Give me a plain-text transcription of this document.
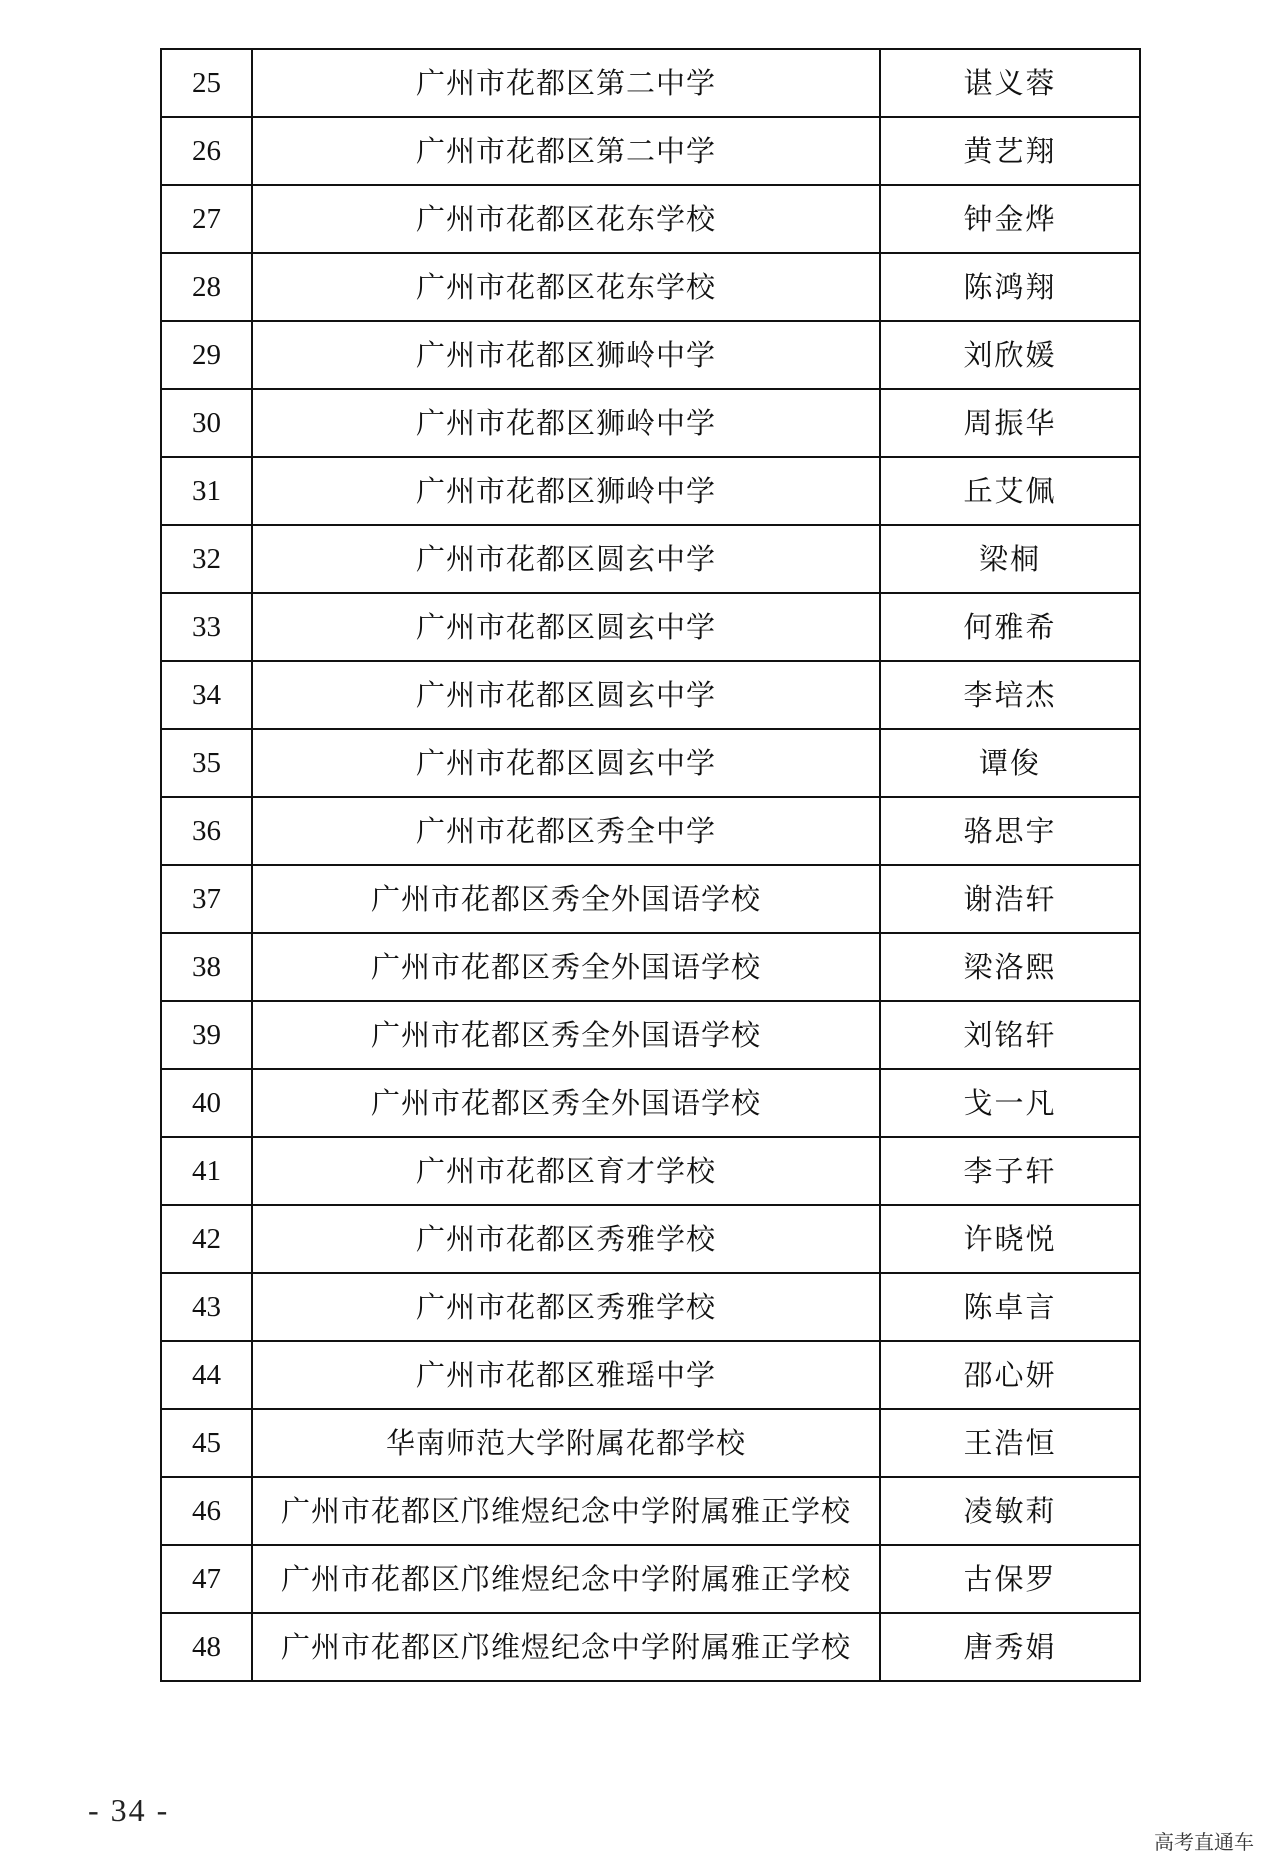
25	广州市花都区第二中学	谌义蓉
26	广州市花都区第二中学	黄艺翔
27	广州市花都区花东学校	钟金烨
28	广州市花都区花东学校	陈鸿翔
29	广州市花都区狮岭中学	刘欣媛
30	广州市花都区狮岭中学	周振华
31	广州市花都区狮岭中学	丘艾佩
32	广州市花都区圆玄中学	梁桐
33	广州市花都区圆玄中学	何雅希
34	广州市花都区圆玄中学	李培杰
35	广州市花都区圆玄中学	谭俊
36	广州市花都区秀全中学	骆思宇
37	广州市花都区秀全外国语学校	谢浩轩
38	广州市花都区秀全外国语学校	梁洛熙
39	广州市花都区秀全外国语学校	刘铭轩
40	广州市花都区秀全外国语学校	戈一凡
41	广州市花都区育才学校	李子轩
42	广州市花都区秀雅学校	许晓悦
43	广州市花都区秀雅学校	陈卓言
44	广州市花都区雅瑶中学	邵心妍
45	华南师范大学附属花都学校	王浩恒
46	广州市花都区邝维煜纪念中学附属雅正学校	凌敏莉
47	广州市花都区邝维煜纪念中学附属雅正学校	古保罗
48	广州市花都区邝维煜纪念中学附属雅正学校	唐秀娟
- 34 -
高考直通车
